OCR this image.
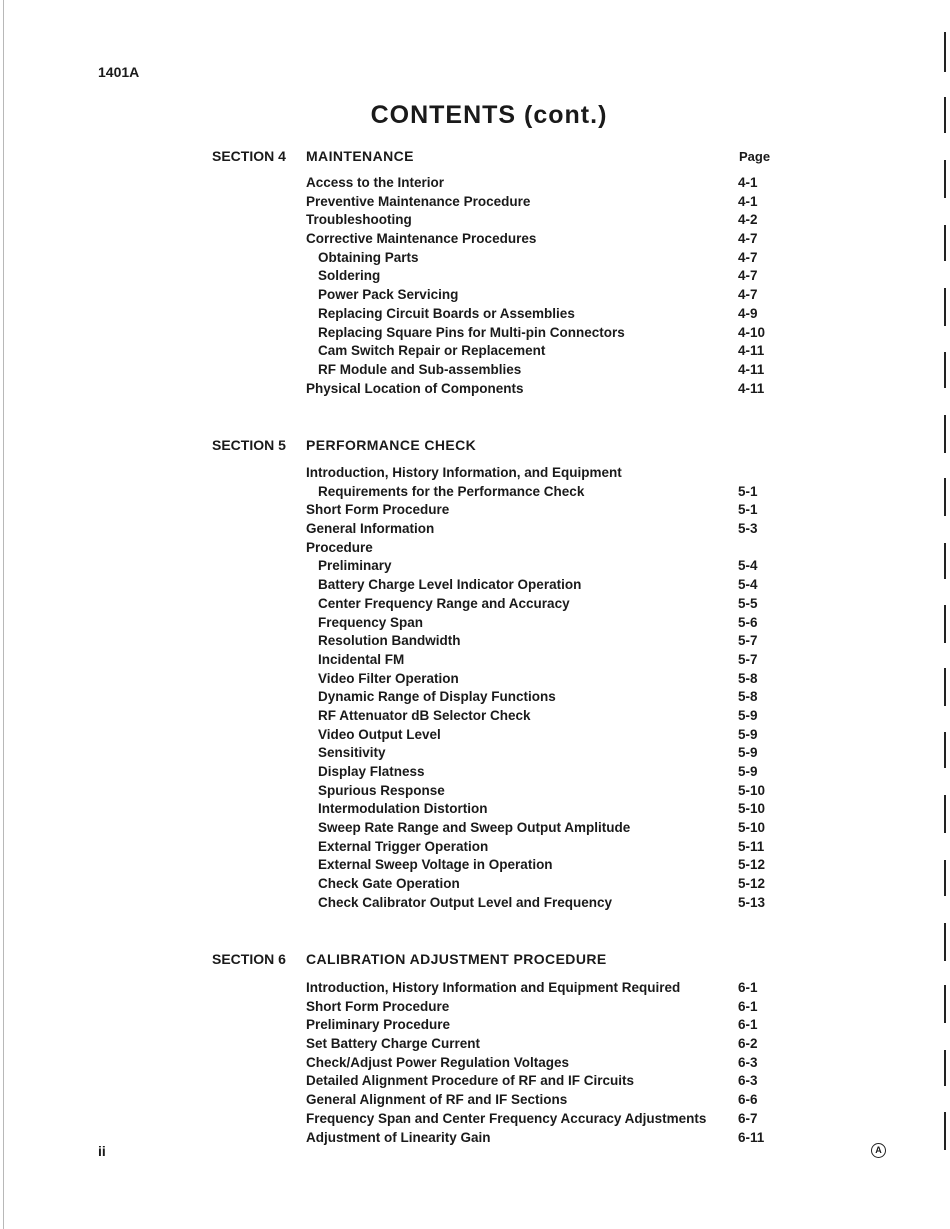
1401A
CONTENTS (cont.)
SECTION 4 MAINTENANCE	Page
Access to the Interior	4-1
Preventive Maintenance Procedure	4-1
Troubleshooting	4-2
Corrective Maintenance Procedures	4-7
Obtaining Parts	4-7
Soldering	4-7
Power Pack Servicing	4-7
Replacing Circuit Boards or Assemblies	4-9
Replacing Square Pins for Multi-pin Connectors	4-10
Cam Switch Repair or Replacement	4-11
RF Module and Sub-assemblies	4-11
Physical Location of Components	4-11
SECTION 5 PERFORMANCE CHECK
Introduction, History Information, and Equipment
Requirements for the Performance Check	5-1
Short Form Procedure	5-1
General Information	5-3
Procedure
Preliminary	5-4
Battery Charge Level Indicator Operation	5-4
Center Frequency Range and Accuracy	5-5
Frequency Span	5-6
Resolution Bandwidth	5-7
Incidental FM	5-7
Video Filter Operation	5-8
Dynamic Range of Display Functions	5-8
RF Attenuator dB Selector Check	5-9
Video Output Level	5-9
Sensitivity	5-9
Display Flatness	5-9
Spurious Response	5-10
Intermodulation Distortion	5-10
Sweep Rate Range and Sweep Output Amplitude	5-10
External Trigger Operation	5-11
External Sweep Voltage in Operation	5-12
Check Gate Operation	5-12
Check Calibrator Output Level and Frequency	5-13
SECTION 6 CALIBRATION ADJUSTMENT PROCEDURE
Introduction, History Information and Equipment Required	6-1
Short Form Procedure	6-1
Preliminary Procedure	6-1
Set Battery Charge Current	6-2
Check/Adjust Power Regulation Voltages	6-3
Detailed Alignment Procedure of RF and IF Circuits	6-3
General Alignment of RF and IF Sections	6-6
Frequency Span and Center Frequency Accuracy Adjustments 6-7
Adjustment of Linearity Gain	6-11
ii	A
